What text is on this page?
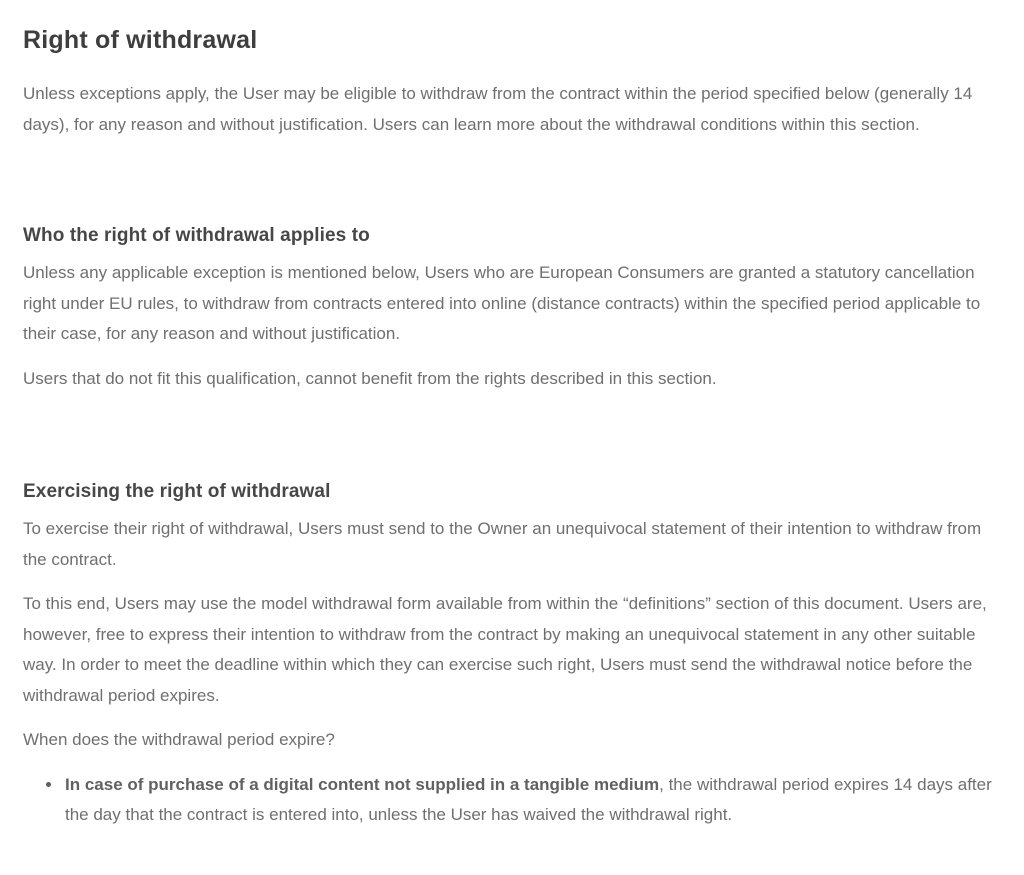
Right of withdrawal

Unless exceptions apply, the User may be eligible to withdraw from the contract within the period specified below (generally 14 days), for any reason and without justification. Users can learn more about the withdrawal conditions within this section.

Who the right of withdrawal applies to

Unless any applicable exception is mentioned below, Users who are European Consumers are granted a statutory cancellation right under EU rules, to withdraw from contracts entered into online (distance contracts) within the specified period applicable to their case, for any reason and without justification.

Users that do not fit this qualification, cannot benefit from the rights described in this section.

Exercising the right of withdrawal

To exercise their right of withdrawal, Users must send to the Owner an unequivocal statement of their intention to withdraw from the contract.

To this end, Users may use the model withdrawal form available from within the “definitions” section of this document. Users are, however, free to express their intention to withdraw from the contract by making an unequivocal statement in any other suitable way. In order to meet the deadline within which they can exercise such right, Users must send the withdrawal notice before the withdrawal period expires.

When does the withdrawal period expire?

• In case of purchase of a digital content not supplied in a tangible medium, the withdrawal period expires 14 days after the day that the contract is entered into, unless the User has waived the withdrawal right.
